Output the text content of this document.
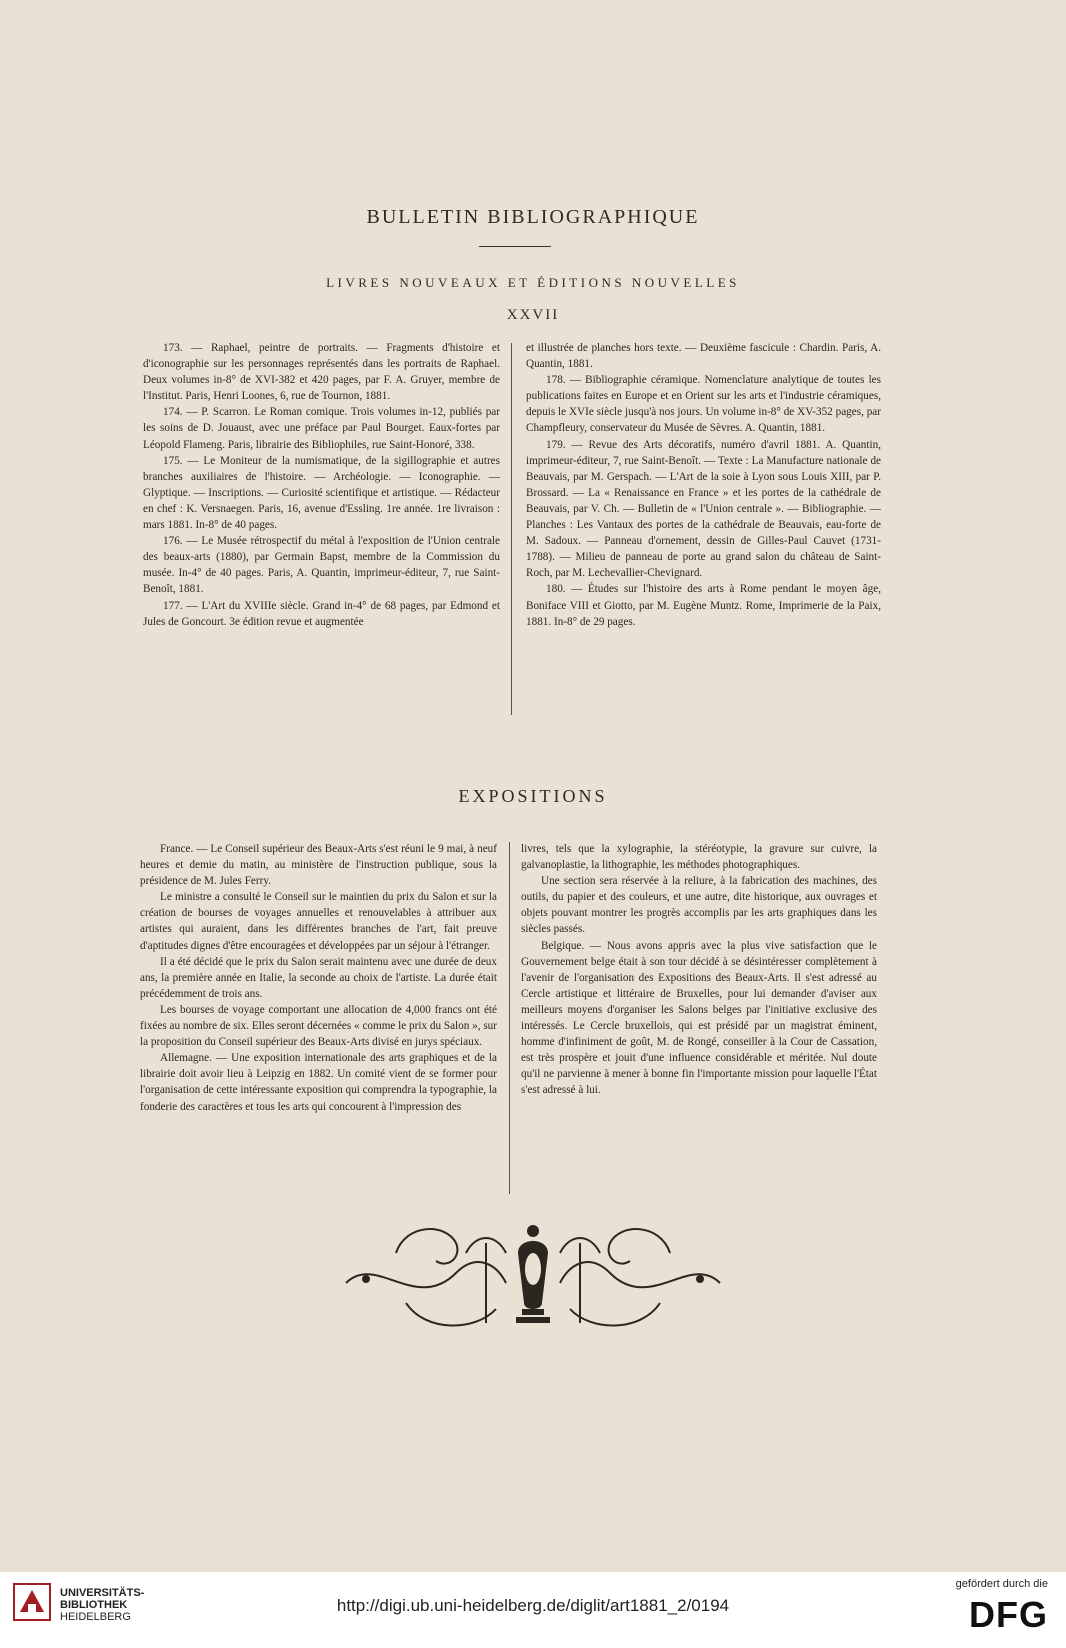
BULLETIN BIBLIOGRAPHIQUE
LIVRES NOUVEAUX ET ÉDITIONS NOUVELLES
XXVII

173. — Raphael, peintre de portraits. — Fragments d'histoire et d'iconographie sur les personnages représentés dans les portraits de Raphael. Deux volumes in-8° de XVI-382 et 420 pages, par F. A. Gruyer, membre de l'Institut. Paris, Henri Loones, 6, rue de Tournon, 1881.

174. — P. Scarron. Le Roman comique. Trois volumes in-12, publiés par les soins de D. Jouaust, avec une préface par Paul Bourget. Eaux-fortes par Léopold Flameng. Paris, librairie des Bibliophiles, rue Saint-Honoré, 338.

175. — Le Moniteur de la numismatique, de la sigillographie et autres branches auxiliaires de l'histoire. — Archéologie. — Iconographie. — Glyptique. — Inscriptions. — Curiosité scientifique et artistique. — Rédacteur en chef : K. Versnaegen. Paris, 16, avenue d'Essling. 1re année. 1re livraison : mars 1881. In-8° de 40 pages.

176. — Le Musée rétrospectif du métal à l'exposition de l'Union centrale des beaux-arts (1880), par Germain Bapst, membre de la Commission du musée. In-4° de 40 pages. Paris, A. Quantin, imprimeur-éditeur, 7, rue Saint-Benoît, 1881.

177. — L'Art du XVIIIe siècle. Grand in-4° de 68 pages, par Edmond et Jules de Goncourt. 3e édition revue et augmentée

et illustrée de planches hors texte. — Deuxième fascicule : Chardin. Paris, A. Quantin, 1881.

178. — Bibliographie céramique. Nomenclature analytique de toutes les publications faites en Europe et en Orient sur les arts et l'industrie céramiques, depuis le XVIe siècle jusqu'à nos jours. Un volume in-8° de XV-352 pages, par Champfleury, conservateur du Musée de Sèvres. A. Quantin, 1881.

179. — Revue des Arts décoratifs, numéro d'avril 1881. A. Quantin, imprimeur-éditeur, 7, rue Saint-Benoît. — Texte : La Manufacture nationale de Beauvais, par M. Gerspach. — L'Art de la soie à Lyon sous Louis XIII, par P. Brossard. — La « Renaissance en France » et les portes de la cathédrale de Beauvais, par V. Ch. — Bulletin de « l'Union centrale ». — Bibliographie. — Planches : Les Vantaux des portes de la cathédrale de Beauvais, eau-forte de M. Sadoux. — Panneau d'ornement, dessin de Gilles-Paul Cauvet (1731-1788). — Milieu de panneau de porte au grand salon du château de Saint-Roch, par M. Lechevallier-Chevignard.

180. — Études sur l'histoire des arts à Rome pendant le moyen âge, Boniface VIII et Giotto, par M. Eugène Muntz. Rome, Imprimerie de la Paix, 1881. In-8° de 29 pages.

EXPOSITIONS

France. — Le Conseil supérieur des Beaux-Arts s'est réuni le 9 mai, à neuf heures et demie du matin, au ministère de l'instruction publique, sous la présidence de M. Jules Ferry.

Le ministre a consulté le Conseil sur le maintien du prix du Salon et sur la création de bourses de voyages annuelles et renouvelables à attribuer aux artistes qui auraient, dans les différentes branches de l'art, fait preuve d'aptitudes dignes d'être encouragées et développées par un séjour à l'étranger.

Il a été décidé que le prix du Salon serait maintenu avec une durée de deux ans, la première année en Italie, la seconde au choix de l'artiste. La durée était précédemment de trois ans.

Les bourses de voyage comportant une allocation de 4,000 francs ont été fixées au nombre de six. Elles seront décernées « comme le prix du Salon », sur la proposition du Conseil supérieur des Beaux-Arts divisé en jurys spéciaux.

Allemagne. — Une exposition internationale des arts graphiques et de la librairie doit avoir lieu à Leipzig en 1882. Un comité vient de se former pour l'organisation de cette intéressante exposition qui comprendra la typographie, la fonderie des caractères et tous les arts qui concourent à l'impression des

livres, tels que la xylographie, la stéréotypie, la gravure sur cuivre, la galvanoplastie, la lithographie, les méthodes photographiques.

Une section sera réservée à la reliure, à la fabrication des machines, des outils, du papier et des couleurs, et une autre, dite historique, aux ouvrages et objets pouvant montrer les progrès accomplis par les arts graphiques dans les siècles passés.

Belgique. — Nous avons appris avec la plus vive satisfaction que le Gouvernement belge était à son tour décidé à se désintéresser complètement à l'avenir de l'organisation des Expositions des Beaux-Arts. Il s'est adressé au Cercle artistique et littéraire de Bruxelles, pour lui demander d'aviser aux meilleurs moyens d'organiser les Salons belges par l'initiative exclusive des intéressés. Le Cercle bruxellois, qui est présidé par un magistrat éminent, homme d'infiniment de goût, M. de Rongé, conseiller à la Cour de Cassation, est très prospère et jouit d'une influence considérable et méritée. Nul doute qu'il ne parvienne à mener à bonne fin l'importante mission pour laquelle l'État s'est adressé à lui.

UNIVERSITÄTS-
BIBLIOTHEK
HEIDELBERG
http://digi.ub.uni-heidelberg.de/diglit/art1881_2/0194
gefördert durch die
DFG
